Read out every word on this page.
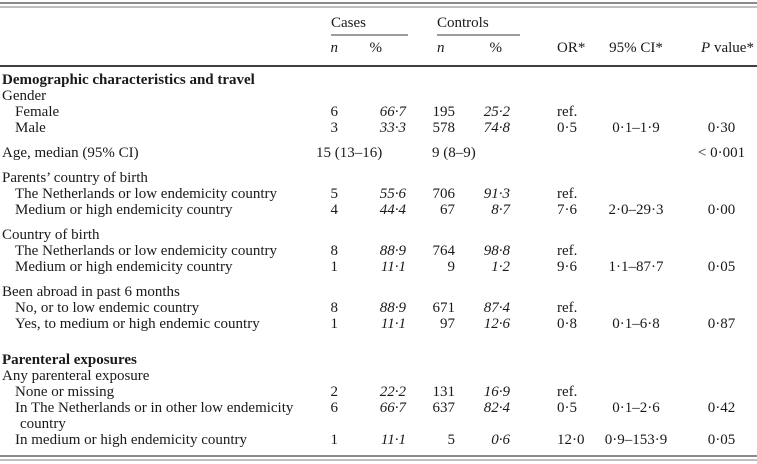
	Cases		Controls	

	n	%	n	%	OR*	95% CI*	P value*
Demographic characteristics and travel							
Gender							
Female	6	66·7	195	25·2	ref.		
Male	3	33·3	578	74·8	0·5	0·1–1·9	0·30
Age, median (95% CI)	15 (13–16)		9 (8–9)				< 0·001
Parents’ country of birth							
The Netherlands or low endemicity country	5	55·6	706	91·3	ref.		
Medium or high endemicity country	4	44·4	67	8·7	7·6	2·0–29·3	0·00
Country of birth							
The Netherlands or low endemicity country	8	88·9	764	98·8	ref.		
Medium or high endemicity country	1	11·1	9	1·2	9·6	1·1–87·7	0·05
Been abroad in past 6 months							
No, or to low endemic country	8	88·9	671	87·4	ref.		
Yes, to medium or high endemic country	1	11·1	97	12·6	0·8	0·1–6·8	0·87
Parenteral exposures							
Any parenteral exposure							
None or missing	2	22·2	131	16·9	ref.		
In The Netherlands or in other low endemicity
country	6	66·7	637	82·4	0·5	0·1–2·6	0·42
In medium or high endemicity country	1	11·1	5	0·6	12·0	0·9–153·9	0·05
